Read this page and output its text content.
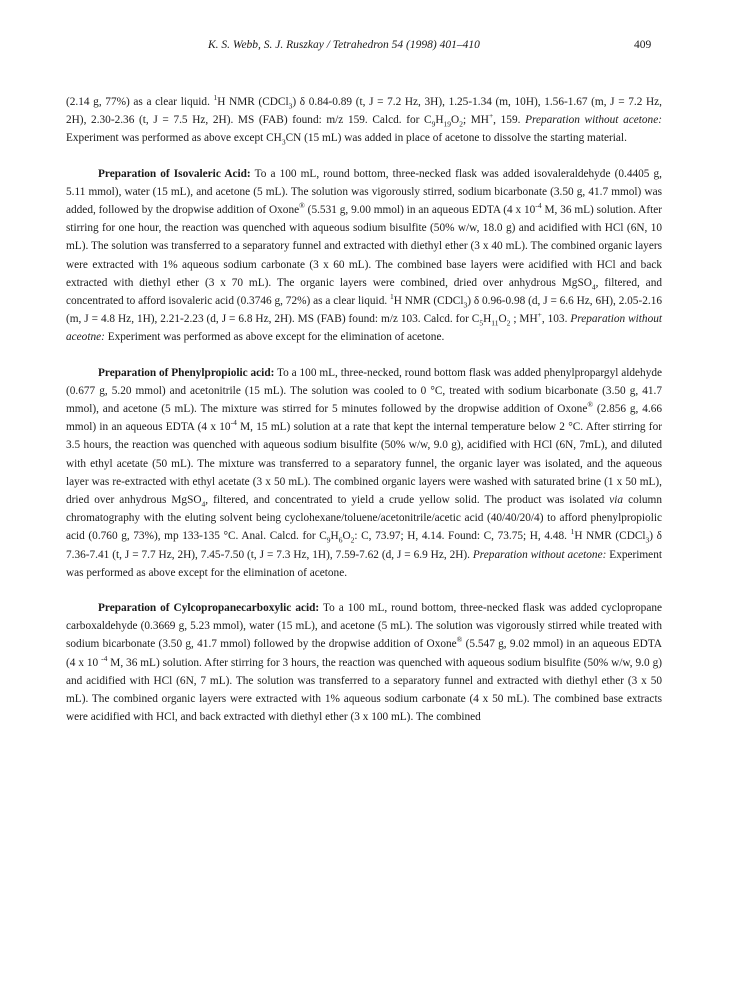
K. S. Webb, S. J. Ruszkay / Tetrahedron 54 (1998) 401–410	409

(2.14 g, 77%) as a clear liquid. $^1$H NMR (CDCl$_3$) δ 0.84-0.89 (t, J = 7.2 Hz, 3H), 1.25-1.34 (m, 10H), 1.56-1.67 (m, J = 7.2 Hz, 2H), 2.30-2.36 (t, J = 7.5 Hz, 2H). MS (FAB) found: m/z 159. Calcd. for $C_9H_{19}O_2$; MH+, 159. Preparation without acetone: Experiment was performed as above except $CH_3CN$ (15 mL) was added in place of acetone to dissolve the starting material.

Preparation of Isovaleric Acid: To a 100 mL, round bottom, three-necked flask was added isovaleraldehyde (0.4405 g, 5.11 mmol), water (15 mL), and acetone (5 mL). The solution was vigorously stirred, sodium bicarbonate (3.50 g, 41.7 mmol) was added, followed by the dropwise addition of Oxone® (5.531 g, 9.00 mmol) in an aqueous EDTA (4 x $10^{-4}$ M, 36 mL) solution. After stirring for one hour, the reaction was quenched with aqueous sodium bisulfite (50% w/w, 18.0 g) and acidified with HCl (6N, 10 mL). The solution was transferred to a separatory funnel and extracted with diethyl ether (3 x 40 mL). The combined organic layers were extracted with 1% aqueous sodium carbonate (3 x 60 mL). The combined base layers were acidified with HCl and back extracted with diethyl ether (3 x 70 mL). The organic layers were combined, dried over anhydrous MgSO$_4$, filtered, and concentrated to afford isovaleric acid (0.3746 g, 72%) as a clear liquid. $^1$H NMR (CDCl$_3$) δ 0.96-0.98 (d, J = 6.6 Hz, 6H), 2.05-2.16 (m, J = 4.8 Hz, 1H), 2.21-2.23 (d, J = 6.8 Hz, 2H). MS (FAB) found: m/z 103. Calcd. for $C_5H_{11}O_2$ ; MH+, 103. Preparation without aceotne: Experiment was performed as above except for the elimination of acetone.

Preparation of Phenylpropiolic acid: To a 100 mL, three-necked, round bottom flask was added phenylpropargyl aldehyde (0.677 g, 5.20 mmol) and acetonitrile (15 mL). The solution was cooled to 0 °C, treated with sodium bicarbonate (3.50 g, 41.7 mmol), and acetone (5 mL). The mixture was stirred for 5 minutes followed by the dropwise addition of Oxone® (2.856 g, 4.66 mmol) in an aqueous EDTA (4 x $10^{-4}$ M, 15 mL) solution at a rate that kept the internal temperature below 2 °C. After stirring for 3.5 hours, the reaction was quenched with aqueous sodium bisulfite (50% w/w, 9.0 g), acidified with HCl (6N, 7mL), and diluted with ethyl acetate (50 mL). The mixture was transferred to a separatory funnel, the organic layer was isolated, and the aqueous layer was re-extracted with ethyl acetate (3 x 50 mL). The combined organic layers were washed with saturated brine (1 x 50 mL), dried over anhydrous MgSO$_4$, filtered, and concentrated to yield a crude yellow solid. The product was isolated via column chromatography with the eluting solvent being cyclohexane/toluene/acetonitrile/acetic acid (40/40/20/4) to afford phenylpropiolic acid (0.760 g, 73%), mp 133-135 °C. Anal. Calcd. for $C_9H_6O_2$: C, 73.97; H, 4.14. Found: C, 73.75; H, 4.48. $^1$H NMR (CDCl$_3$) δ 7.36-7.41 (t, J = 7.7 Hz, 2H), 7.45-7.50 (t, J = 7.3 Hz, 1H), 7.59-7.62 (d, J = 6.9 Hz, 2H). Preparation without acetone: Experiment was performed as above except for the elimination of acetone.

Preparation of Cylcopropanecarboxylic acid: To a 100 mL, round bottom, three-necked flask was added cyclopropane carboxaldehyde (0.3669 g, 5.23 mmol), water (15 mL), and acetone (5 mL). The solution was vigorously stirred while treated with sodium bicarbonate (3.50 g, 41.7 mmol) followed by the dropwise addition of Oxone® (5.547 g, 9.02 mmol) in an aqueous EDTA (4 x 10 $^{-4}$ M, 36 mL) solution. After stirring for 3 hours, the reaction was quenched with aqueous sodium bisulfite (50% w/w, 9.0 g) and acidified with HCl (6N, 7 mL). The solution was transferred to a separatory funnel and extracted with diethyl ether (3 x 50 mL). The combined organic layers were extracted with 1% aqueous sodium carbonate (4 x 50 mL). The combined base extracts were acidified with HCl, and back extracted with diethyl ether (3 x 100 mL). The combined
